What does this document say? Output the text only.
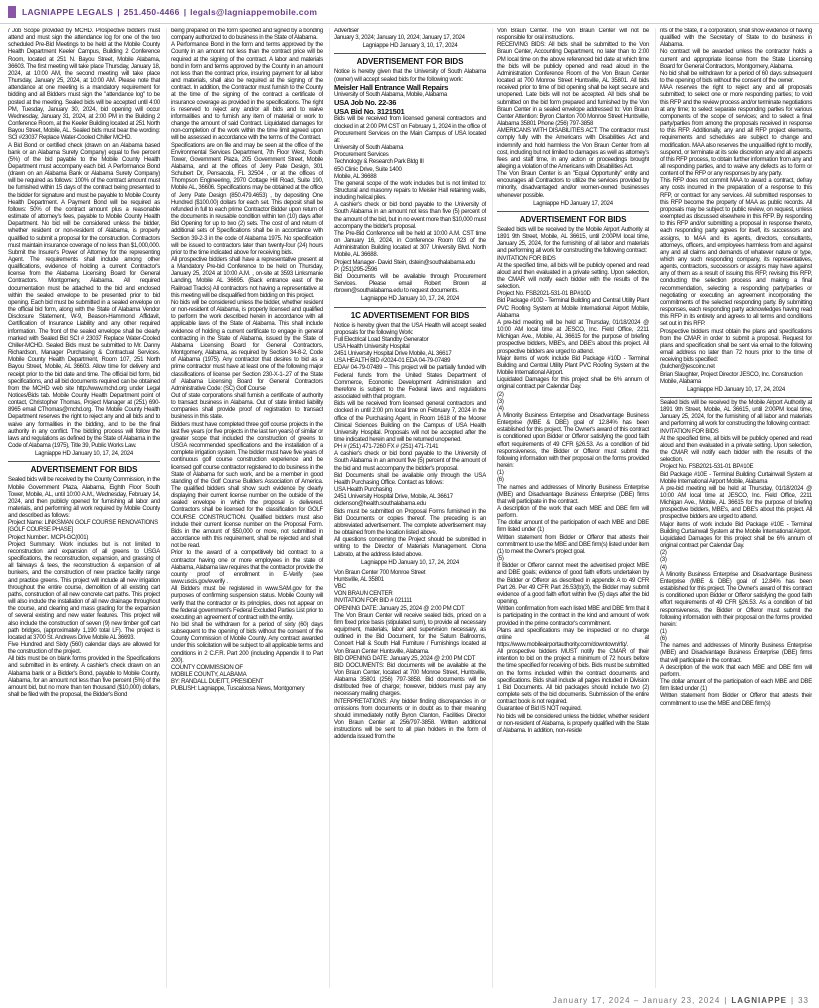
LAGNIAPPE LEGALS | 251.450-4466 | legals@lagniappemobile.com
/ Job Scope provided by MCHD. Prospective bidders must attend and must sign the attendance log for one of the two scheduled Pre-Bid Meetings to be held at the Mobile County Health Department Keeler Campus, Building 2 Conference Room, located at 251 N. Bayou Street, Mobile Alabama, 36603. The first meeting will take place Thursday, January 18, 2024, at 10:00 AM, the second meeting will take place Thursday, January 25, 2024, at 10:00 AM. Please note that attendance at one meeting is a mandatory requirement for bidding and all Bidders must sign the "attendance log" to be posted at the meeting. Sealed bids will be accepted until 4:00 PM, Tuesday, January 30, 2024, bid opening will occur Wednesday, January 31, 2024, at 2:00 PM in the Building 2 Conference Room, at the Keeler Building located at 251 North Bayou Street, Mobile, AL. Sealed bids must bear the wording: SCI #23037 Replace Water-Cooled Chiller MCHD.
A Bid Bond or certified check (drawn on an Alabama based bank or an Alabama Surety Company) equal to five percent (5%) of the bid payable to the Mobile County Health Department must accompany each bid. A Performance Bond (drawn on an Alabama Bank or Alabama Surety Company) will be required as follows: 100% of the contract amount must be furnished within 15 days of the contract being presented to the bidder for signature and must be payable to Mobile County Health Department. A Payment Bond will be required as follows: 50% of the contract amount plus a reasonable estimate of attorney's fees, payable to Mobile County Health Department. No bid will be considered unless the bidder, whether resident or non-resident of Alabama, is properly qualified to submit a proposal for the construction. Contractors must maintain insurance coverage of no less than $1,000,000. Submit the Insurer's Power of Attorney for the representing Agent. The requirements shall include among other qualifications, evidence of holding a current Contractor's license from the Alabama Licensing Board for General Contractors. Montgomery, Alabama. All required documentation must be attached to the bid and enclosed within the sealed envelope to be presented prior to bid opening. Each bid must be submitted in a sealed envelope on the official bid form, along with the State of Alabama Vendor Disclosure Statement, W-9, Beason-Hammond Affidavit, Certification of Insurance Liability and any other required information. The front of the sealed envelope shall be clearly marked with Sealed Bid SCI # 23037 Replace Water-Cooled Chiller-MCHD. Sealed Bids must be submitted to Mr. Danny Richardson, Manager Purchasing & Contractual Services. Mobile County Health Department, Room 107, 251 North Bayou Street, Mobile, AL 36603. Allow time for delivery and receipt prior to the bid date and time. The official bid form, bid specifications, and all bid documents required can be obtained from the MCHD web site http://www.mchd.org under Legal Notices/Bids tab. Mobile County Health Department point of contact, Christopher Thomas, Project Manager at (251) 690-8965 email CThomas@mchd.org. The Mobile County Health Department reserves the right to reject any and all bids and to waive any formalities in the bidding, and to be the final authority in any conflict. The bidding process will follow the laws and regulations as defined by the State of Alabama in the Code of Alabama (1975), Title 39, Public Works Law.
Lagniappe HD January 10, 17, 24, 2024
ADVERTISEMENT FOR BIDS
Sealed bids will be received by the County Commission, in the Mobile Government Plaza, Alabama, Eighth Floor South Tower, Mobile, AL, until 10:00 A.M., Wednesday, February 14, 2024, and then publicly opened for furnishing all labor and materials, and performing all work required by Mobile County and described as follows:
Project Name: LINKSMAN GOLF COURSE RENOVATIONS
[GOLF COURSE PHASE]
Project Number:. MCPI-GC(001)
Project Summary: Work includes but is not limited to reconstruction and expansion of all greens to USGA specifications, the reconstruction, expansion, and grassing of all fairways & tees, the reconstruction & expansion of all bunkers, and the construction of new practice facility range and practice greens. This project will include all new irrigation throughout the entire course, demolition of all existing cart paths, construction of all new concrete cart paths. This project will also include the installation of all new drainage throughout the course, and clearing and mass grading for the expansion of several existing and new water features. This project will also include the construction of seven (9) new timber golf cart path bridges, (approximately 1,190 total LF). The project is located at 3700 St. Andrews Drive Mobile AL 36693.
Five Hundred and Sixty (560) calendar days are allowed for the construction of the project.
All bids must be on blank forms provided in the Specifications and submitted in its entirety. A cashier's check drawn on an Alabama bank or a Bidder's Bond, payable to Mobile County, Alabama, for an amount not less than five percent (5%) of the amount bid, but no more than ten thousand ($10,000) dollars, shall be filed with the proposal, the Bidder's Bond
being prepared on the form specified and signed by a bonding company authorized to do business in the State of Alabama.
A Performance Bond in the form and terms approved by the County in an amount not less than the contract price will be required at the signing of the contract. A labor and materials bond in form and terms approved by the County in an amount not less than the contract price, insuring payment for all labor and materials, shall also be required at the signing of the contract. In addition, the Contractor must furnish to the County at the time of the signing of the contract a certificate of insurance coverage as provided in the specifications. The right is reserved to reject any and/or all bids and to waive informalities and to furnish any item of material or work to change the amount of said Contract. Liquidated damages for non-completion of the work within the time limit agreed upon will be assessed in accordance with the terms of the Contract.
Specifications are on file and may be seen at the office of the Environmental Services Department, 7th Floor West, South Tower, Government Plaza, 205 Government Street, Mobile Alabama, and at the offices of Jerry Pate Design, 301 Schubert Dr, Pensacola, FL 32504 , or at the offices of Thompson Engineering, 2970 Cottage Hill Road, Suite 190, Mobile AL, 36606. Specifications may be obtained at the office of Jerry Pate Design (850.479.4653) , by depositing One Hundred ($100.00) dollars for each set. This deposit shall be refunded in full to each prime Contractor Bidder upon return of the documents in reusable condition within ten (10) days after Bid Opening for up to two (2) sets. The cost of and return of additional sets of Specifications shall be in accordance with Section 39-2-3 in the code of Alabama 1975. No specification will be issued to contractors later than twenty-four (24) hours prior to the time indicated above for receiving bids.
All prospective bidders shall have a representative present at a Mandatory Pre-bid Conference to be held on Thursday, January 25, 2024 at 10:00 A.M. , on-site at 3593 Linksmanie Landing, Mobile AL 36695. (Back entrance east of the Railroad Tracks) All contractors not having a representative at this meeting will be disqualified from bidding on this project.
No bids will be considered unless the bidder, whether resident or non-resident of Alabama, is properly licensed and qualified to perform the work described herein in accordance with all applicable laws of the State of Alabama. This shall include evidence of holding a current certificate to engage in general contracting in the State of Alabama, issued by the State of Alabama Licensing Board for General Contractors, Montgomery, Alabama, as required by Section 34-8-2, Code of Alabama (1975). Any contractor that desires to bid as a prime contractor must have at least one of the following major classifications of license per Section 230-X-1-.27 of the State of Alabama Licensing Board for General Contractors Administrative Code: (SC) Golf Course
Out of state corporations shall furnish a certificate of authority to transact business in Alabama. Out of state limited liability companies shall provide proof of registration to transact business in this state.
Bidders must have completed three golf course projects in the last five years (or five projects in the last ten years) of similar or greater scope that included the construction of greens to USGA recommended specifications and the installation of a complete irrigation system. The bidder must have five years of continuous golf course construction experience and be licensed golf course contractor registered to do business in the State of Alabama for such work, and be a member in good standing of the Golf Course Builders Association of America. The qualified bidders shall show such evidence by clearly displaying their current license number on the outside of the sealed envelope in which the proposal is delivered. Contractors shall be licensed for the classification for GOLF COURSE CONSTRUCTION. Qualified bidders must also include their current license number on the Proposal Form. Bids in the amount of $50,000 or more, not submitted in accordance with this requirement, shall be rejected and shall not be read.
Prior to the award of a competitively bid contract to a contractor having one or more employees in the state of Alabama, Alabama law requires that the contractor provide the county proof of enrollment in E-Verify (see www.uscis.gov/everify .
All Bidders must be registered in www.SAM.gov for the purposes of confirming suspension status. Mobile County will verify that the contractor or its principles, does not appear on the federal government's Federal Excluded Parties List prior to executing an agreement of contract with the entity.
No bid shall be withdrawn for a period of sixty (60) days subsequent to the opening of bids without the consent of the County Commission of Mobile County. Any contract awarded under this solicitation will be subject to all applicable terms and conditions in 2 C.F.R. Part 200 (including Appendix II to Part 200).
COUNTY COMMISSION OF
MOBILE COUNTY, ALABAMA
BY: RANDALL DUEITT, PRESIDENT
PUBLISH: Lagniappe, Tuscaloosa News, Montgomery
Advertiser
January 3, 2024; January 10, 2024; January 17, 2024
Lagniappe HD January 3, 10, 17, 2024
ADVERTISEMENT FOR BIDS
Notice is hereby given that the University of South Alabama (owner) will accept sealed bids for the following work:
Meisler Hall Entrance Wall Repairs
University of South Alabama, Mobile, Alabama
USA Job No. 22-36
USA Bid No. 3121501
Bids will be received from licensed general contractors and clocked in at 2:00 PM CST on February 1, 2024 in the office of Procurement Services on the Main Campus of USA located at:
University of South Alabama
Procurement Services
Technology & Research Park Bldg III
650 Clinic Drive, Suite 1400
Mobile, AL 36688
The general scope of the work includes but is not limited to: Structural and masonry repairs to Meisler Hall retaining walls, including helical piles.
A cashier's check or bid bond payable to the University of South Alabama in an amount not less than five (5) percent of the amount of the bid, but in no event more than $10,000 must accompany the bidder's proposal.
The Pre-Bid Conference will be held at 10:00 A.M. CST time on January 16, 2024, in Conference Room 023 of the Administration Building located at 307 University Blvd. North Mobile, AL 36688.
Project Manager- David Stein, dstein@southalabama.edu
P: (251)295-2596
Bid Documents will be available through Procurement Services. Please email Robert Brown at rbrown@southalabama.edu to request documents.
Lagniappe HD January 10, 17, 24, 2024
1C ADVERTISEMENT FOR BIDS
Notice is hereby given that the USA Health will accept sealed proposals for the following Work:
Full Electrical Load Standby Generator
USA Health University Hospital
2451 University Hospital Drive Mobile, AL 36617
USA HEALTH BID #2024-01 EDA 04-79-07489
EDA# 04-79-07489 – This project will be partially funded with Federal funds from the United States Department of Commerce, Economic Development Administration and therefore is subject to the Federal laws and regulations associated with that program.
Bids will be received from licensed general contractors and clocked in until 2:00 pm local time on February 7, 2024 in the office of the Purchasing Agent, in Room 1618 of the Moorer Clinical Sciences Building on the Campus of USA Health University Hospital. Proposals will not be accepted after the time indicated herein and will be returned unopened.
PH # (251) 471-7260 FX # (251) 471-7141
A cashier's check or bid bond payable to the University of South Alabama in an amount five (5) percent of the amount of the bid and must accompany the bidder's proposal.
Bid Documents shall be available only through the USA Health Purchasing Office. Contact as follows:
USA Health Purchasing
2451 University Hospital Drive, Mobile, AL 36617
ckdenson@health.southalabama.edu
Bids must be submitted on Proposal Forms furnished in the Bid Documents or copies thereof. The preceding is an abbreviated advertisement. The complete advertisement may be obtained from the location listed above.
All questions concerning the Project should be submitted in writing to the Director of Materials Management. Clona Labrato, at the address listed above.
Lagniappe HD January 10, 17, 24, 2024
Von Braun Center 700 Monroe Street
Huntsville, AL 35801
VBC
VON BRAUN CENTER
INVITATION FOR BID # 021111
OPENING DATE: January 25, 2024 @ 2:00 PM CDT
The Von Braun Center will receive sealed bids, priced on a firm fixed price basis (stipulated sum), to provide all necessary equipment, materials, labor and supervision necessary, as outlined in the Bid Document, for the Saturn Ballrooms, Concert Hall & South Hall Furniture / Furnishings located at Von Braun Center Huntsville, Alabama.
BID OPENING DATE: January 25, 2024 @ 2:00 PM CDT
BID DOCUMENTS: Bid documents will be available at the Von Braun Center, located at 700 Monroe Street, Huntsville, Alabama 35801 (256) 797-3858. Bid documents will be distributed free of charge; however, bidders must pay any necessary mailing charges.
INTERPRETATIONS: Any bidder finding discrepancies in or omissions from documents or in doubt as to their meaning should immediately notify Byron Clanton, Facilities Director Von Braun Center at 256/797-3858. Written additional instructions will be sent to all plan holders in the form of addenda issued from the
Von Braun Center. The Von Braun Center will not be responsible for oral instructions.
RECEIVING BIDS: All bids shall be submitted to the Von Braun Center, Accounting Department, no later than to 2:00 PM local time on the above referenced bid date at which time the bids will be publicly opened and read aloud in the Administration Conference Room of the Von Braun Center located at 700 Monroe Street Huntsville, AL 35801. All bids received prior to time of bid opening shall be kept secure and unopened. Late bids will not be accepted. All bids shall be submitted on the bid form prepared and furnished by the Von Braun Center in a sealed envelope addressed to: Von Braun Center Attention: Byron Clanton 700 Monroe Street Huntsville, Alabama 35801 Phone (256) 797-3858
AMERICANS WITH DISABILITIES ACT: The contractor must comply fully with the Americans with Disabilities Act and indemnify and hold harmless the Von Braun Center from all cost, including but not limited to damages as well as attorney's fees and staff time, in any action or proceedings brought alleging a violation of the Americans with Disabilities Act.
The Von Braun Center is an "Equal Opportunity" entity and encourages all Contractors to utilize the services provided by minority, disadvantaged and/or women-owned businesses whenever possible.
Lagniappe HD January 17, 2024
ADVERTISEMENT FOR BIDS
Sealed bids will be received by the Mobile Airport Authority at 1891 9th Street, Mobile, AL 36615, until 2:00PM local time, January 25, 2024, for the furnishing of all labor and materials and performing all work for constructing the following contract:
INVITATION FOR BIDS
At the specified time, all bids will be publicly opened and read aloud and then evaluated in a private setting. Upon selection, the CMAR will notify each bidder with the results of the selection.
Project No. FSB2021-531-01 BP#10D
Bid Package #10D - Terminal Building and Central Utility Plant PVC Roofing System at Mobile International Airport Mobile, Alabama
A pre-bid meeting will be held at Thursday, 01/18/2024 @ 10:00 AM local time at JESCO, Inc. Field Office, 2211 Michigan Ave., Mobile, AL 36615 for the purpose of briefing prospective bidders, MBE's, and DBE's about this project. All prospective bidders are urged to attend.
Major items of work include Bid Package #10D - Terminal Building and Central Utility Plant PVC Roofing System at the Mobile International Airport.
Liquidated Damages for this project shall be 6% annum of original contract per Calendar Day.
(2)
(3)
(4)
A Minority Business Enterprise and Disadvantage Business Enterprise (MBE & DBE) goal of 12.84% has been established for this project. The Owner's award of this contract is conditioned upon Bidder or Offeror satisfying the good faith effort requirements of 49 CFR §26.53. As a condition of bid responsiveness, the Bidder or Offeror must submit the following information with their proposal on the forms provided herein:
(1)
(6)
The names and addresses of Minority Business Enterprise (MBE) and Disadvantage Business Enterprise (DBE) firms that will participate in the contract.
A description of the work that each MBE and DBE firm will perform.
The dollar amount of the participation of each MBE and DBE firm listed under (1)
Written statement from Bidder or Offeror that attests their commitment to use the MBE and DBE firm(s) listed under item (1) to meet the Owner's project goal.
(5)
If Bidder or Offeror cannot meet the advertised project MBE and DBE goals; evidence of good faith efforts undertaken by the Bidder or Offeror as described in appendix A to 49 CFR Part 26. Per 49 CFR Part 26.53(b)(3), the Bidder may submit evidence of a good faith effort within five (5) days after the bid opening.
Written confirmation from each listed MBE and DBE firm that it is participating in the contract in the kind and amount of work provided in the prime contractor's commitment.
Plans and specifications may be inspected or no charge online at https://www.mobileairportauthority.com/downtown/rfq/.
All prospective bidders MUST notify the CMAR of their intention to bid on the project a minimum of 72 hours before the time specified for receiving of bids. Bids must be submitted on the forms included within the contract documents and specifications. Bids shall include all pages included in Division 1 Bid Documents. All bid packages should include two (2) complete sets of the bid documents. Submission of the entire contract book is not required.
Guarantee of Bid IS NOT required.
No bids will be considered unless the bidder, whether resident or non-resident of Alabama, is properly qualified with the State of Alabama. In addition, non-reside
nts of the State, if a corporation, shall show evidence of having qualified with the Secretary of State to do business in Alabama.
No contract will be awarded unless the contractor holds a current and appropriate license from the State Licensing Board for General Contractors, Montgomery, Alabama.
No bid shall be withdrawn for a period of 60 days subsequent to the opening of bids without the consent of the owner.
MAA reserves the right to reject any and all proposals submitted; to select one or more responding parties; to void this RFP and the review process and/or terminate negotiations at any time; to select separate responding parties for various components of the scope of services; and to select a final party/parties from among the proposals received in response to this RFP. Additionally, any and all RFP project elements, requirements and schedules are subject to change and modification. MAA also reserves the unqualified right to modify, suspend, or terminate at its sole discretion any and all aspects of this RFP process, to obtain further information from any and all responding parties, and to waive any defects as to form or content of the RFP or any responses by any party.
This RFP does not commit MAA to award a contract, defray any costs incurred in the preparation of a response to this RFP, or contract for any services. All submitted responses to this RFP become the property of MAA as public records. All proposals may be subject to public review, on request, unless exempted as discussed elsewhere in this RFP. By responding to this RFP and/or submitting a proposal in response thereto, each responding party agrees for itself, its successors and assigns, to MAA and its agents, directors, consultants, attorneys, officers, and employees harmless from and against any and all claims and demands of whatever nature or type, which any such responding company, its representatives, agents, contractors, successors or assigns may have against any of them as a result of issuing this RFP, revising this RFP, conducting the selection process and making a final recommendation, selecting a responding party/parties or negotiating or executing an agreement incorporating the commitments of the selected responding party. By submitting responses, each responding party acknowledges having read this RFP in its entirety and agrees to all terms and conditions set out in this RFP.
Prospective bidders must obtain the plans and specifications from the CMAR in order to submit a proposal. Request for plans and specification shall be sent via email to the following email address no later than 72 hours prior to the time of receiving bids specified:
(bulcher@jescoinc.net
Brian Slaughter, Project Director JESCO, Inc. Construction
Mobile, Alabama
Lagniappe HD January 10, 17, 24, 2024
Sealed bids will be received by the Mobile Airport Authority at 1891 9th Street, Mobile, AL 36615, until 2:00PM local time, January 25, 2024, for the furnishing of all labor and materials and performing all work for constructing the following contract:
INVITATION FOR BIDS
At the specified time, all bids will be publicly opened and read aloud and then evaluated in a private setting. Upon selection, the CMAR will notify each bidder with the results of the selection.
Project No. FSB2021-531-01 BP#10E
Bid Package #10E - Terminal Building Curtainwall System at Mobile International Airport Mobile, Alabama
A pre-bid meeting will be held at Thursday, 01/18/2024 @ 10:00 AM local time at JESCO, Inc. Field Office, 2211 Michigan Ave., Mobile, AL 36615 for the purpose of briefing prospective bidders, MBE's, and DBE's about this project. All prospective bidders are urged to attend.
Major items of work include Bid Package #10E - Terminal Building Curtainwall System at the Mobile International Airport.
Liquidated Damages for this project shall be 6% annum of original contract per Calendar Day.
(2)
(3)
(4)
A Minority Business Enterprise and Disadvantage Business Enterprise (MBE & DBE) goal of 12.84% has been established for this project. The Owner's award of this contract is conditioned upon Bidder or Offeror satisfying the good faith effort requirements of 49 CFR §26.53. As a condition of bid responsiveness, the Bidder or Offeror must submit the following information with their proposal on the forms provided herein:
(1)
(6)
The names and addresses of Minority Business Enterprise (MBE) and Disadvantage Business Enterprise (DBE) firms that will participate in the contract.
A description of the work that each MBE and DBE firm will perform.
The dollar amount of the participation of each MBE and DBE firm listed under (1)
Written statement from Bidder or Offeror that attests their commitment to use the MBE and DBE firm(s)
January 17, 2024 – January 23, 2024 | LAGNIAPPE | 33
